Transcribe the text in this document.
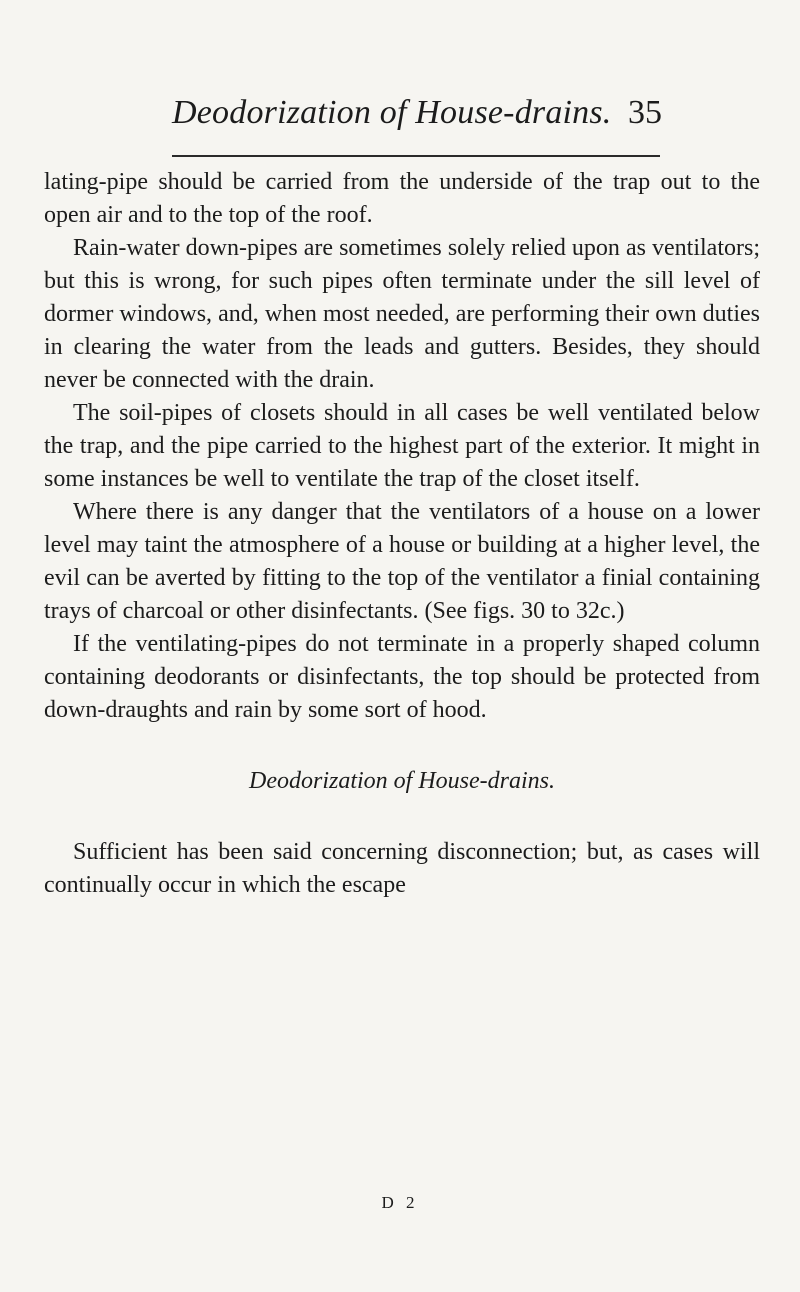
Deodorization of House-drains. 35

lating-pipe should be carried from the underside of the trap out to the open air and to the top of the roof.

Rain-water down-pipes are sometimes solely relied upon as ventilators; but this is wrong, for such pipes often terminate under the sill level of dormer windows, and, when most needed, are performing their own duties in clearing the water from the leads and gutters. Besides, they should never be connected with the drain.

The soil-pipes of closets should in all cases be well ventilated below the trap, and the pipe carried to the highest part of the exterior. It might in some instances be well to ventilate the trap of the closet itself.

Where there is any danger that the ventilators of a house on a lower level may taint the atmosphere of a house or building at a higher level, the evil can be averted by fitting to the top of the ventilator a finial containing trays of charcoal or other disinfectants. (See figs. 30 to 32c.)

If the ventilating-pipes do not terminate in a properly shaped column containing deodorants or disinfectants, the top should be protected from down-draughts and rain by some sort of hood.

Deodorization of House-drains.

Sufficient has been said concerning disconnection; but, as cases will continually occur in which the escape

D 2
